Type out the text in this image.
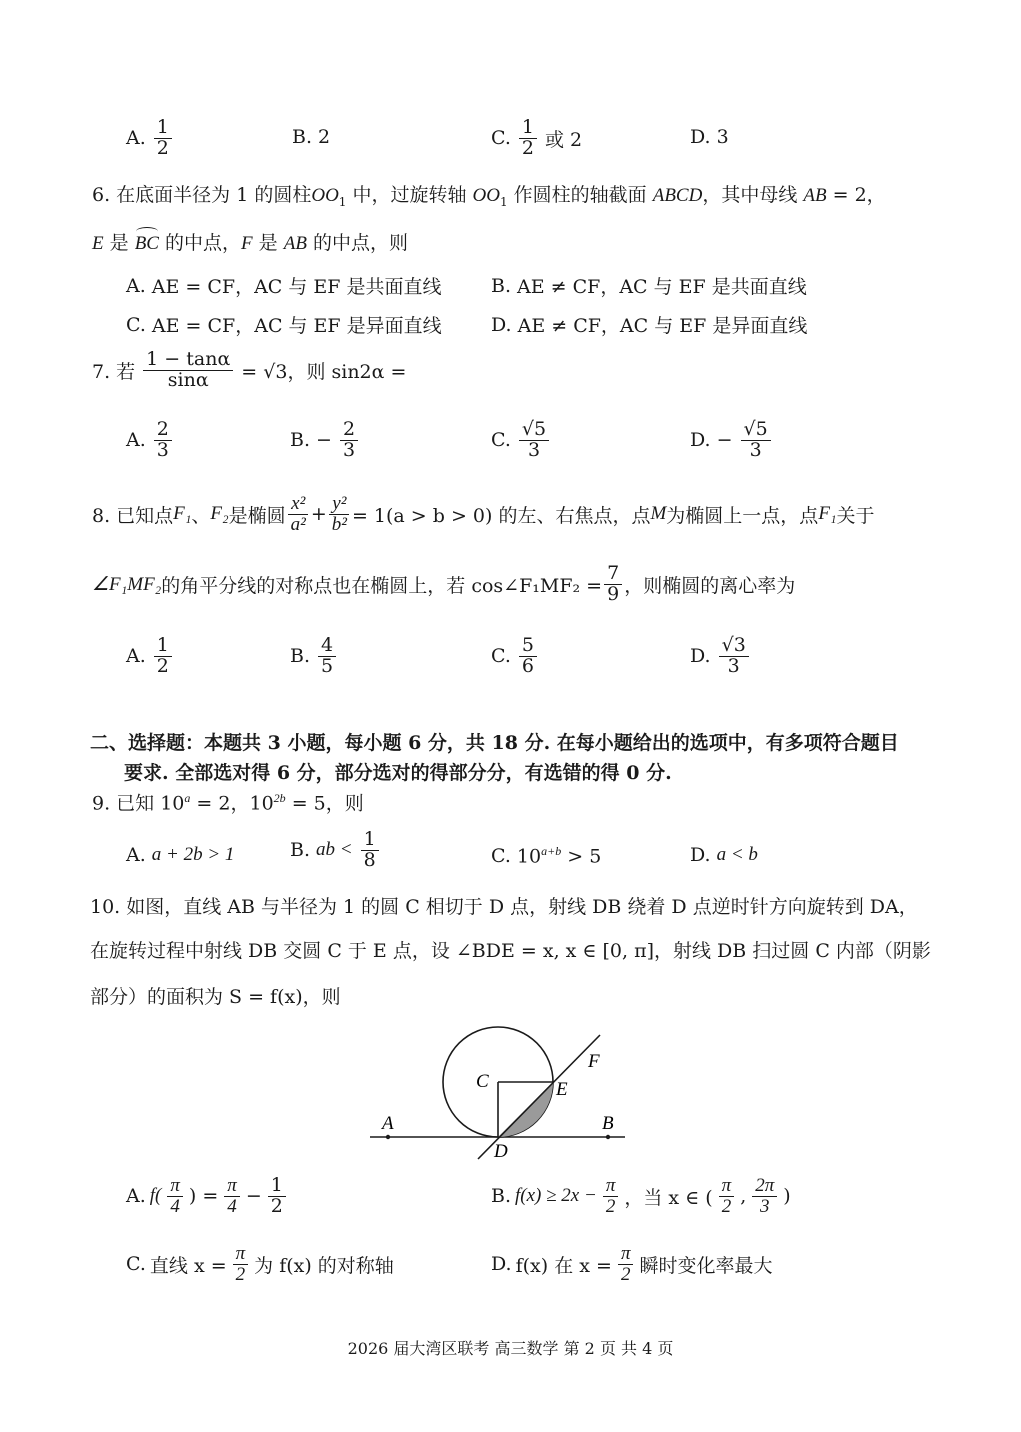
A. $\frac{1}{2}$	B. 2	C. $\frac{1}{2}$ 或 2	D. 3
6. 在底面半径为 1 的圆柱$OO_1$ 中，过旋转轴 $OO_1$ 作圆柱的轴截面 ABCD，其中母线 AB = 2，
E 是 BC 的中点，F 是 AB 的中点，则
A. AE = CF，AC 与 EF 是共面直线	B. AE ≠ CF，AC 与 EF 是共面直线
C. AE = CF，AC 与 EF 是异面直线	D. AE ≠ CF，AC 与 EF 是异面直线
7. 若 $\frac{1 - \tan\alpha}{\sin\alpha} = √3$，则 sin2α =
A. $\frac{2}{3}$	B. − $\frac{2}{3}$	C. $\frac{√5}{3}$	D. − $\frac{√5}{3}$
8. 已知点 F₁ 、 F₂ 是椭圆 $\frac{\text{x²}}{\text{a²}} + \frac{\text{y²}}{\text{b²}} = 1(a > b > 0)$ 的左、右焦点，点 M 为椭圆上一点，点 F₁ 关于
∠F₁MF₂ 的角平分线的对称点也在椭圆上，若 cos∠F₁MF₂ = $\frac{7}{9}$ ，则椭圆的离心率为
A. $\frac{1}{2}$	B. $\frac{4}{5}$	C. $\frac{5}{6}$	D. $\frac{√3}{3}$
二、选择题：本题共 3 小题，每小题 6 分，共 18 分. 在每小题给出的选项中，有多项符合题目
要求. 全部选对得 6 分，部分选对的得部分分，有选错的得 0 分.
9. 已知 $10^a = 2$，$10^{2b} = 5$，则
A. a + 2b > 1	B. ab < $\frac{1}{8}$	C. $10^{a+b} > 5$	D. a < b
10. 如图，直线 AB 与半径为 1 的圆 C 相切于 D 点，射线 DB 绕着 D 点逆时针方向旋转到 DA，
在旋转过程中射线 DB 交圆 C 于 E 点，设 ∠BDE = x, x ∈ [0, π]，射线 DB 扫过圆 C 内部（阴影
部分）的面积为 S = f(x)，则
A	B
C
D
E
F
A. $f( \frac{\pi}{4}$ ) = $\frac{\pi}{4} - \frac{1}{2}$	B. $f(x) \ge 2x - \frac{\pi}{2}$ ，当 x ∈ ( $\frac{\pi}{2}$ , $\frac{2\pi}{3}$ )
C. 直线 $x = \frac{\pi}{2}$ 为 f(x) 的对称轴	D. f(x) 在 $x = \frac{\pi}{2}$ 瞬时变化率最大
2026 届大湾区联考 高三数学 第 2 页 共 4 页
